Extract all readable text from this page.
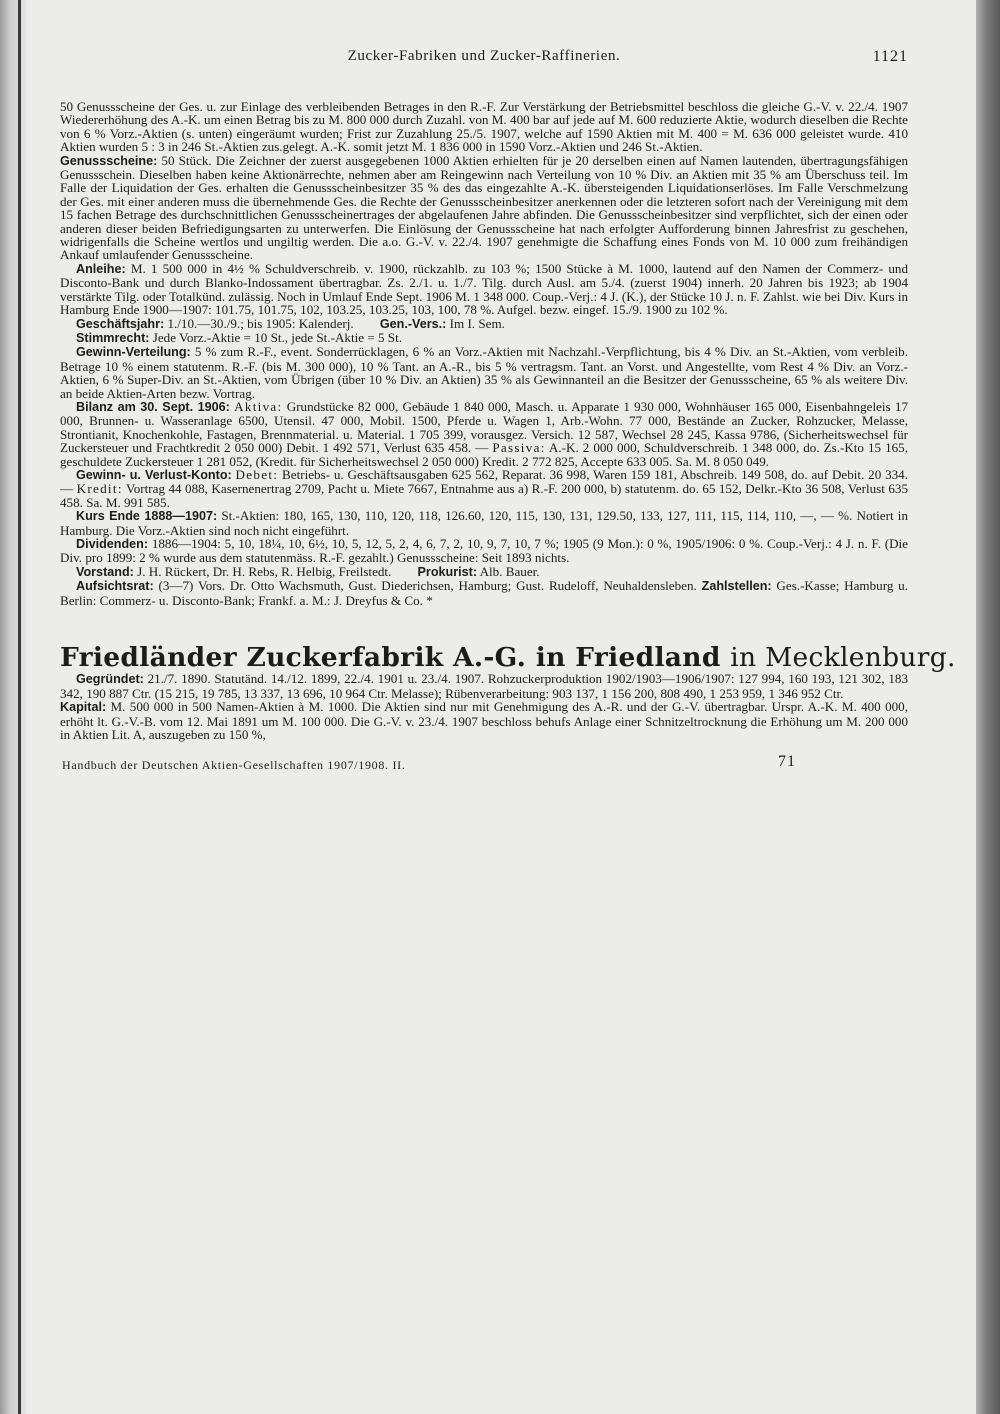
Zucker-Fabriken und Zucker-Raffinerien.	1121

50 Genussscheine der Ges. u. zur Einlage des verbleibenden Betrages in den R.-F. Zur Verstärkung der Betriebsmittel beschloss die gleiche G.-V. v. 22./4. 1907 Wiedererhöhung des A.-K. um einen Betrag bis zu M. 800 000 durch Zuzahl. von M. 400 bar auf jede auf M. 600 reduzierte Aktie, wodurch dieselben die Rechte von 6 % Vorz.-Aktien (s. unten) eingeräumt wurden; Frist zur Zuzahlung 25./5. 1907, welche auf 1590 Aktien mit M. 400 = M. 636 000 geleistet wurde. 410 Aktien wurden 5 : 3 in 246 St.-Aktien zus.gelegt. A.-K. somit jetzt M. 1 836 000 in 1590 Vorz.-Aktien und 246 St.-Aktien.

Genussscheine: 50 Stück. Die Zeichner der zuerst ausgegebenen 1000 Aktien erhielten für je 20 derselben einen auf Namen lautenden, übertragungsfähigen Genussschein. Dieselben haben keine Aktionärrechte, nehmen aber am Reingewinn nach Verteilung von 10 % Div. an Aktien mit 35 % am Überschuss teil. Im Falle der Liquidation der Ges. erhalten die Genussscheinbesitzer 35 % des das eingezahlte A.-K. übersteigenden Liquidationserlöses. Im Falle Verschmelzung der Ges. mit einer anderen muss die übernehmende Ges. die Rechte der Genussscheinbesitzer anerkennen oder die letzteren sofort nach der Vereinigung mit dem 15 fachen Betrage des durchschnittlichen Genussscheinertrages der abgelaufenen Jahre abfinden. Die Genussscheinbesitzer sind verpflichtet, sich der einen oder anderen dieser beiden Befriedigungsarten zu unterwerfen. Die Einlösung der Genussscheine hat nach erfolgter Aufforderung binnen Jahresfrist zu geschehen, widrigenfalls die Scheine wertlos und ungiltig werden. Die a.o. G.-V. v. 22./4. 1907 genehmigte die Schaffung eines Fonds von M. 10 000 zum freihändigen Ankauf umlaufender Genussscheine.

Anleihe: M. 1 500 000 in 4½ % Schuldverschreib. v. 1900, rückzahlb. zu 103 %; 1500 Stücke à M. 1000, lautend auf den Namen der Commerz- und Disconto-Bank und durch Blanko-Indossament übertragbar. Zs. 2./1. u. 1./7. Tilg. durch Ausl. am 5./4. (zuerst 1904) innerh. 20 Jahren bis 1923; ab 1904 verstärkte Tilg. oder Totalkünd. zulässig. Noch in Umlauf Ende Sept. 1906 M. 1 348 000. Coup.-Verj.: 4 J. (K.), der Stücke 10 J. n. F. Zahlst. wie bei Div. Kurs in Hamburg Ende 1900—1907: 101.75, 101.75, 102, 103.25, 103.25, 103, 100, 78 %. Aufgel. bezw. eingef. 15./9. 1900 zu 102 %.

Geschäftsjahr: 1./10.—30./9.; bis 1905: Kalenderj. Gen.-Vers.: Im I. Sem.

Stimmrecht: Jede Vorz.-Aktie = 10 St., jede St.-Aktie = 5 St.

Gewinn-Verteilung: 5 % zum R.-F., event. Sonderrücklagen, 6 % an Vorz.-Aktien mit Nachzahl.-Verpflichtung, bis 4 % Div. an St.-Aktien, vom verbleib. Betrage 10 % einem statutenm. R.-F. (bis M. 300 000), 10 % Tant. an A.-R., bis 5 % vertragsm. Tant. an Vorst. und Angestellte, vom Rest 4 % Div. an Vorz.-Aktien, 6 % Super-Div. an St.-Aktien, vom Übrigen (über 10 % Div. an Aktien) 35 % als Gewinnanteil an die Besitzer der Genussscheine, 65 % als weitere Div. an beide Aktien-Arten bezw. Vortrag.

Bilanz am 30. Sept. 1906: Aktiva: Grundstücke 82 000, Gebäude 1 840 000, Masch. u. Apparate 1 930 000, Wohnhäuser 165 000, Eisenbahngeleis 17 000, Brunnen- u. Wasseranlage 6500, Utensil. 47 000, Mobil. 1500, Pferde u. Wagen 1, Arb.-Wohn. 77 000, Bestände an Zucker, Rohzucker, Melasse, Strontianit, Knochenkohle, Fastagen, Brennmaterial. u. Material. 1 705 399, vorausgez. Versich. 12 587, Wechsel 28 245, Kassa 9786, (Sicherheitswechsel für Zuckersteuer und Frachtkredit 2 050 000) Debit. 1 492 571, Verlust 635 458. — Passiva: A.-K. 2 000 000, Schuldverschreib. 1 348 000, do. Zs.-Kto 15 165, geschuldete Zuckersteuer 1 281 052, (Kredit. für Sicherheitswechsel 2 050 000) Kredit. 2 772 825, Accepte 633 005. Sa. M. 8 050 049.

Gewinn- u. Verlust-Konto: Debet: Betriebs- u. Geschäftsausgaben 625 562, Reparat. 36 998, Waren 159 181, Abschreib. 149 508, do. auf Debit. 20 334. — Kredit: Vortrag 44 088, Kasernenertrag 2709, Pacht u. Miete 7667, Entnahme aus a) R.-F. 200 000, b) statutenm. do. 65 152, Delkr.-Kto 36 508, Verlust 635 458. Sa. M. 991 585.

Kurs Ende 1888—1907: St.-Aktien: 180, 165, 130, 110, 120, 118, 126.60, 120, 115, 130, 131, 129.50, 133, 127, 111, 115, 114, 110, —, — %. Notiert in Hamburg. Die Vorz.-Aktien sind noch nicht eingeführt.

Dividenden: 1886—1904: 5, 10, 18¼, 10, 6½, 10, 5, 12, 5, 2, 4, 6, 7, 2, 10, 9, 7, 10, 7 %; 1905 (9 Mon.): 0 %, 1905/1906: 0 %. Coup.-Verj.: 4 J. n. F. (Die Div. pro 1899: 2 % wurde aus dem statutenmäss. R.-F. gezahlt.) Genussscheine: Seit 1893 nichts.

Vorstand: J. H. Rückert, Dr. H. Rebs, R. Helbig, Freilstedt. Prokurist: Alb. Bauer.

Aufsichtsrat: (3—7) Vors. Dr. Otto Wachsmuth, Gust. Diederichsen, Hamburg; Gust. Rudeloff, Neuhaldensleben. Zahlstellen: Ges.-Kasse; Hamburg u. Berlin: Commerz- u. Disconto-Bank; Frankf. a. M.: J. Dreyfus & Co. *

Friedländer Zuckerfabrik A.-G. in Friedland in Mecklenburg.

Gegründet: 21./7. 1890. Statutänd. 14./12. 1899, 22./4. 1901 u. 23./4. 1907. Rohzuckerproduktion 1902/1903—1906/1907: 127 994, 160 193, 121 302, 183 342, 190 887 Ctr. (15 215, 19 785, 13 337, 13 696, 10 964 Ctr. Melasse); Rübenverarbeitung: 903 137, 1 156 200, 808 490, 1 253 959, 1 346 952 Ctr.

Kapital: M. 500 000 in 500 Namen-Aktien à M. 1000. Die Aktien sind nur mit Genehmigung des A.-R. und der G.-V. übertragbar. Urspr. A.-K. M. 400 000, erhöht lt. G.-V.-B. vom 12. Mai 1891 um M. 100 000. Die G.-V. v. 23./4. 1907 beschloss behufs Anlage einer Schnitzeltrocknung die Erhöhung um M. 200 000 in Aktien Lit. A, auszugeben zu 150 %,

Handbuch der Deutschen Aktien-Gesellschaften 1907/1908. II.	71
